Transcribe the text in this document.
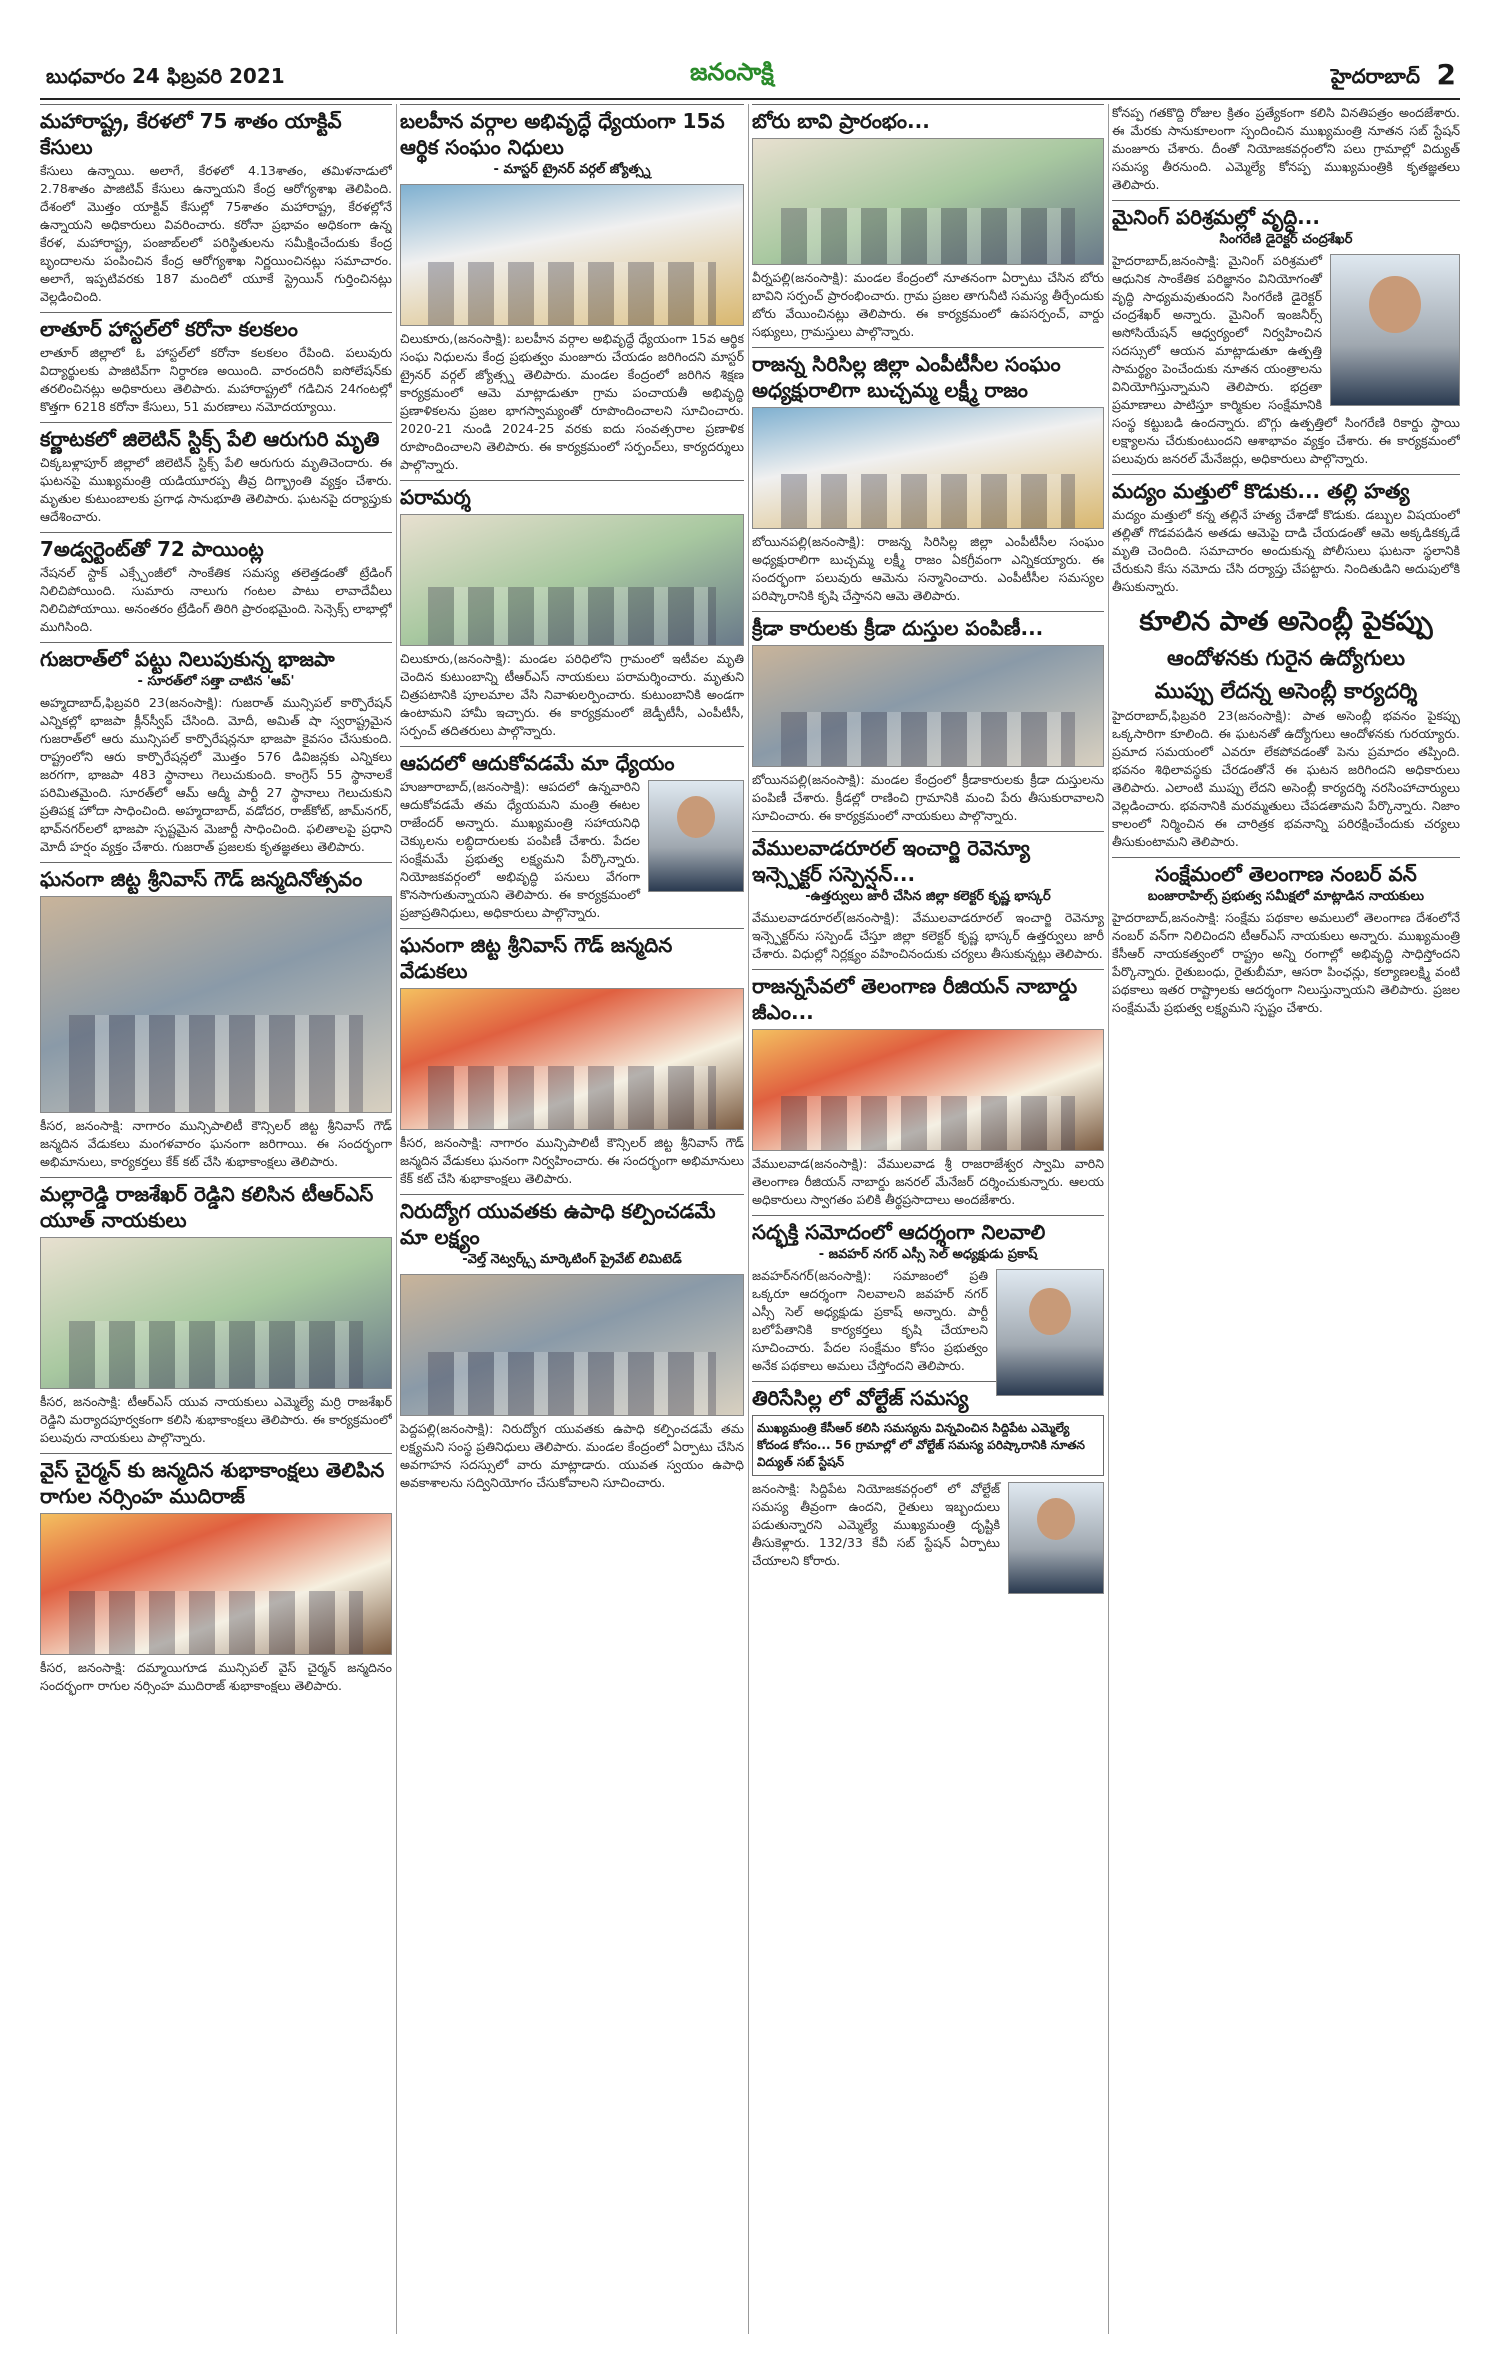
బుధవారం 24 ఫిబ్రవరి 2021	జనంసాక్షి	హైదరాబాద్ 2
మహారాష్ట్ర, కేరళలో 75 శాతం యాక్టివ్‌ కేసులు
కేసులు ఉన్నాయి. అలాగే, కేరళలో 4.13శాతం, తమిళనాడులో 2.78శాతం పాజిటివ్‌ కేసులు ఉన్నాయని కేంద్ర ఆరోగ్యశాఖ తెలిపింది. దేశంలో మొత్తం యాక్టివ్‌ కేసుల్లో 75శాతం మహారాష్ట్ర, కేరళల్లోనే ఉన్నాయని అధికారులు వివరించారు. కరోనా ప్రభావం అధికంగా ఉన్న కేరళ, మహారాష్ట్ర, పంజాబ్‌లలో పరిస్థితులను సమీక్షించేందుకు కేంద్ర బృందాలను పంపించిన కేంద్ర ఆరోగ్యశాఖ నిర్ణయించినట్లు సమాచారం. అలాగే, ఇప్పటివరకు 187 మందిలో యూకే స్ట్రెయిన్‌ గుర్తించినట్లు వెల్లడించింది.
లాతూర్‌ హాస్టల్‌లో కరోనా కలకలం
లాతూర్‌ జిల్లాలో ఓ హాస్టల్‌లో కరోనా కలకలం రేపింది. పలువురు విద్యార్థులకు పాజిటివ్‌గా నిర్ధారణ అయింది. వారందరినీ ఐసోలేషన్‌కు తరలించినట్లు అధికారులు తెలిపారు. మహారాష్ట్రలో గడిచిన 24గంటల్లో కొత్తగా 6218 కరోనా కేసులు, 51 మరణాలు నమోదయ్యాయి.
కర్ణాటకలో జిలెటిన్‌ స్టిక్స్‌ పేలి ఆరుగురి మృతి
చిక్కబళ్లాపూర్‌ జిల్లాలో జిలెటిన్‌ స్టిక్స్‌ పేలి ఆరుగురు మృతిచెందారు. ఈ ఘటనపై ముఖ్యమంత్రి యడియూరప్ప తీవ్ర దిగ్భ్రాంతి వ్యక్తం చేశారు. మృతుల కుటుంబాలకు ప్రగాఢ సానుభూతి తెలిపారు. ఘటనపై దర్యాప్తుకు ఆదేశించారు.
7అడ్వర్టెంట్‌తో 72 పాయింట్ల
నేషనల్‌ స్టాక్‌ ఎక్స్చేంజీలో సాంకేతిక సమస్య తలెత్తడంతో ట్రేడింగ్‌ నిలిచిపోయింది. సుమారు నాలుగు గంటల పాటు లావాదేవీలు నిలిచిపోయాయి. అనంతరం ట్రేడింగ్‌ తిరిగి ప్రారంభమైంది. సెన్సెక్స్‌ లాభాల్లో ముగిసింది.
గుజరాత్‌లో పట్టు నిలుపుకున్న భాజపా
- సూరత్‌లో సత్తా చాటిన 'ఆప్‌'
అహ్మదాబాద్‌,ఫిబ్రవరి 23(జనంసాక్షి): గుజరాత్‌ మున్సిపల్‌ కార్పొరేషన్‌ ఎన్నికల్లో భాజపా క్లీన్‌స్వీప్‌ చేసింది. మోదీ, అమిత్‌ షా స్వరాష్ట్రమైన గుజరాత్‌లో ఆరు మున్సిపల్‌ కార్పొరేషన్లనూ భాజపా కైవసం చేసుకుంది. రాష్ట్రంలోని ఆరు కార్పొరేషన్లలో మొత్తం 576 డివిజన్లకు ఎన్నికలు జరగగా, భాజపా 483 స్థానాలు గెలుచుకుంది. కాంగ్రెస్‌ 55 స్థానాలకే పరిమితమైంది. సూరత్‌లో ఆమ్‌ ఆద్మీ పార్టీ 27 స్థానాలు గెలుచుకుని ప్రతిపక్ష హోదా సాధించింది. అహ్మదాబాద్‌, వడోదర, రాజ్‌కోట్‌, జామ్‌నగర్‌, భావ్‌నగర్‌లలో భాజపా స్పష్టమైన మెజార్టీ సాధించింది. ఫలితాలపై ప్రధాని మోదీ హర్షం వ్యక్తం చేశారు. గుజరాత్‌ ప్రజలకు కృతజ్ఞతలు తెలిపారు.
ఘనంగా జిట్ట శ్రీనివాస్‌ గౌడ్‌ జన్మదినోత్సవం
కీసర, జనంసాక్షి: నాగారం మున్సిపాలిటీ కౌన్సిలర్‌ జిట్ట శ్రీనివాస్‌ గౌడ్‌ జన్మదిన వేడుకలు మంగళవారం ఘనంగా జరిగాయి. ఈ సందర్భంగా అభిమానులు, కార్యకర్తలు కేక్‌ కట్‌ చేసి శుభాకాంక్షలు తెలిపారు.
మల్లారెడ్డి రాజశేఖర్‌ రెడ్డిని కలిసిన టీఆర్‌ఎస్‌ యూత్‌ నాయకులు
కీసర, జనంసాక్షి: టీఆర్‌ఎస్‌ యువ నాయకులు ఎమ్మెల్యే మర్రి రాజశేఖర్‌ రెడ్డిని మర్యాదపూర్వకంగా కలిసి శుభాకాంక్షలు తెలిపారు. ఈ కార్యక్రమంలో పలువురు నాయకులు పాల్గొన్నారు.
వైస్‌ చైర్మన్‌ కు జన్మదిన శుభాకాంక్షలు తెలిపిన రాగుల నర్సింహ ముదిరాజ్‌
కీసర, జనంసాక్షి: దమ్మాయిగూడ మున్సిపల్‌ వైస్‌ చైర్మన్‌ జన్మదినం సందర్భంగా రాగుల నర్సింహ ముదిరాజ్‌ శుభాకాంక్షలు తెలిపారు.
బలహీన వర్గాల అభివృద్ధే ధ్యేయంగా 15వ ఆర్థిక సంఘం నిధులు
- మాస్టర్‌ ట్రైనర్‌ వర్గల్‌ జ్యోత్స్న
చిలుకూరు,(జనంసాక్షి): బలహీన వర్గాల అభివృద్ధే ధ్యేయంగా 15వ ఆర్థిక సంఘ నిధులను కేంద్ర ప్రభుత్వం మంజూరు చేయడం జరిగిందని మాస్టర్‌ ట్రైనర్‌ వర్గల్‌ జ్యోత్స్న తెలిపారు. మండల కేంద్రంలో జరిగిన శిక్షణ కార్యక్రమంలో ఆమె మాట్లాడుతూ గ్రామ పంచాయతీ అభివృద్ధి ప్రణాళికలను ప్రజల భాగస్వామ్యంతో రూపొందించాలని సూచించారు. 2020-21 నుండి 2024-25 వరకు ఐదు సంవత్సరాల ప్రణాళిక రూపొందించాలని తెలిపారు. ఈ కార్యక్రమంలో సర్పంచ్‌లు, కార్యదర్శులు పాల్గొన్నారు.
పరామర్శ
చిలుకూరు,(జనంసాక్షి): మండల పరిధిలోని గ్రామంలో ఇటీవల మృతి చెందిన కుటుంబాన్ని టీఆర్‌ఎస్‌ నాయకులు పరామర్శించారు. మృతుని చిత్రపటానికి పూలమాల వేసి నివాళులర్పించారు. కుటుంబానికి అండగా ఉంటామని హామీ ఇచ్చారు. ఈ కార్యక్రమంలో జెడ్పీటీసీ, ఎంపీటీసీ, సర్పంచ్‌ తదితరులు పాల్గొన్నారు.
ఆపదలో ఆదుకోవడమే మా ధ్యేయం
హుజూరాబాద్‌,(జనంసాక్షి): ఆపదలో ఉన్నవారిని ఆదుకోవడమే తమ ధ్యేయమని మంత్రి ఈటల రాజేందర్‌ అన్నారు. ముఖ్యమంత్రి సహాయనిధి చెక్కులను లబ్ధిదారులకు పంపిణీ చేశారు. పేదల సంక్షేమమే ప్రభుత్వ లక్ష్యమని పేర్కొన్నారు. నియోజకవర్గంలో అభివృద్ధి పనులు వేగంగా కొనసాగుతున్నాయని తెలిపారు. ఈ కార్యక్రమంలో ప్రజాప్రతినిధులు, అధికారులు పాల్గొన్నారు.
ఘనంగా జిట్ట శ్రీనివాస్‌ గౌడ్‌ జన్మదిన వేడుకలు
కీసర, జనంసాక్షి: నాగారం మున్సిపాలిటీ కౌన్సిలర్‌ జిట్ట శ్రీనివాస్‌ గౌడ్‌ జన్మదిన వేడుకలు ఘనంగా నిర్వహించారు. ఈ సందర్భంగా అభిమానులు కేక్‌ కట్‌ చేసి శుభాకాంక్షలు తెలిపారు.
నిరుద్యోగ యువతకు ఉపాధి కల్పించడమే మా లక్ష్యం
-వెల్త్‌ నెట్వర్క్స్‌ మార్కెటింగ్‌ ప్రైవేట్‌ లిమిటెడ్‌
పెద్దపల్లి(జనంసాక్షి): నిరుద్యోగ యువతకు ఉపాధి కల్పించడమే తమ లక్ష్యమని సంస్థ ప్రతినిధులు తెలిపారు. మండల కేంద్రంలో ఏర్పాటు చేసిన అవగాహన సదస్సులో వారు మాట్లాడారు. యువత స్వయం ఉపాధి అవకాశాలను సద్వినియోగం చేసుకోవాలని సూచించారు.
బోరు బావి ప్రారంభం...
వీర్నపల్లి(జనంసాక్షి): మండల కేంద్రంలో నూతనంగా ఏర్పాటు చేసిన బోరు బావిని సర్పంచ్‌ ప్రారంభించారు. గ్రామ ప్రజల తాగునీటి సమస్య తీర్చేందుకు బోరు వేయించినట్లు తెలిపారు. ఈ కార్యక్రమంలో ఉపసర్పంచ్‌, వార్డు సభ్యులు, గ్రామస్తులు పాల్గొన్నారు.
రాజన్న సిరిసిల్ల జిల్లా ఎంపీటీసీల సంఘం అధ్యక్షురాలిగా బుచ్చమ్మ లక్ష్మీ రాజం
బోయినపల్లి(జనంసాక్షి): రాజన్న సిరిసిల్ల జిల్లా ఎంపీటీసీల సంఘం అధ్యక్షురాలిగా బుచ్చమ్మ లక్ష్మీ రాజం ఏకగ్రీవంగా ఎన్నికయ్యారు. ఈ సందర్భంగా పలువురు ఆమెను సన్మానించారు. ఎంపీటీసీల సమస్యల పరిష్కారానికి కృషి చేస్తానని ఆమె తెలిపారు.
క్రీడా కారులకు క్రీడా దుస్తుల పంపిణీ...
బోయినపల్లి(జనంసాక్షి): మండల కేంద్రంలో క్రీడాకారులకు క్రీడా దుస్తులను పంపిణీ చేశారు. క్రీడల్లో రాణించి గ్రామానికి మంచి పేరు తీసుకురావాలని సూచించారు. ఈ కార్యక్రమంలో నాయకులు పాల్గొన్నారు.
వేములవాడరూరల్‌ ఇంచార్జి రెవెన్యూ ఇన్స్పెక్టర్‌ సస్పెన్షన్‌...
-ఉత్తర్వులు జారీ చేసిన జిల్లా కలెక్టర్‌ కృష్ణ భాస్కర్‌
వేములవాడరూరల్‌(జనంసాక్షి): వేములవాడరూరల్‌ ఇంచార్జి రెవెన్యూ ఇన్స్పెక్టర్‌ను సస్పెండ్‌ చేస్తూ జిల్లా కలెక్టర్‌ కృష్ణ భాస్కర్‌ ఉత్తర్వులు జారీ చేశారు. విధుల్లో నిర్లక్ష్యం వహించినందుకు చర్యలు తీసుకున్నట్లు తెలిపారు.
రాజన్నసేవలో తెలంగాణ రీజియన్‌ నాబార్డు జీఎం...
వేములవాడ(జనంసాక్షి): వేములవాడ శ్రీ రాజరాజేశ్వర స్వామి వారిని తెలంగాణ రీజియన్‌ నాబార్డు జనరల్‌ మేనేజర్‌ దర్శించుకున్నారు. ఆలయ అధికారులు స్వాగతం పలికి తీర్థప్రసాదాలు అందజేశారు.
సద్భక్తి సమోదంలో ఆదర్శంగా నిలవాలి
- జవహర్‌ నగర్‌ ఎస్సీ సెల్‌ అధ్యక్షుడు ప్రకాష్‌
జవహర్‌నగర్‌(జనంసాక్షి): సమాజంలో ప్రతి ఒక్కరూ ఆదర్శంగా నిలవాలని జవహర్‌ నగర్‌ ఎస్సీ సెల్‌ అధ్యక్షుడు ప్రకాష్‌ అన్నారు. పార్టీ బలోపేతానికి కార్యకర్తలు కృషి చేయాలని సూచించారు. పేదల సంక్షేమం కోసం ప్రభుత్వం అనేక పథకాలు అమలు చేస్తోందని తెలిపారు.
తిరిసేసిల్ల లో వోల్టేజ్‌ సమస్య
ముఖ్యమంత్రి కేసీఆర్‌ కలిసి సమస్యను విన్నవించిన సిద్దిపేట ఎమ్మెల్యే కోదండ కోసం... 56 గ్రామాల్లో లో వోల్టేజ్‌ సమస్య పరిష్కారానికి నూతన విద్యుత్‌ సబ్‌ స్టేషన్‌
జనంసాక్షి: సిద్దిపేట నియోజకవర్గంలో లో వోల్టేజ్‌ సమస్య తీవ్రంగా ఉందని, రైతులు ఇబ్బందులు పడుతున్నారని ఎమ్మెల్యే ముఖ్యమంత్రి దృష్టికి తీసుకెళ్లారు. 132/33 కేవీ సబ్‌ స్టేషన్‌ ఏర్పాటు చేయాలని కోరారు.
కోనప్ప గతకొద్ది రోజుల క్రితం ప్రత్యేకంగా కలిసి వినతిపత్రం అందజేశారు. ఈ మేరకు సానుకూలంగా స్పందించిన ముఖ్యమంత్రి నూతన సబ్‌ స్టేషన్‌ మంజూరు చేశారు. దీంతో నియోజకవర్గంలోని పలు గ్రామాల్లో విద్యుత్‌ సమస్య తీరనుంది. ఎమ్మెల్యే కోనప్ప ముఖ్యమంత్రికి కృతజ్ఞతలు తెలిపారు.
మైనింగ్‌ పరిశ్రమల్లో వృద్ధి...
సింగరేణి డైరెక్టర్‌ చంద్రశేఖర్‌
హైదరాబాద్‌,జనంసాక్షి: మైనింగ్‌ పరిశ్రమలో ఆధునిక సాంకేతిక పరిజ్ఞానం వినియోగంతో వృద్ధి సాధ్యమవుతుందని సింగరేణి డైరెక్టర్‌ చంద్రశేఖర్‌ అన్నారు. మైనింగ్‌ ఇంజనీర్స్‌ అసోసియేషన్‌ ఆధ్వర్యంలో నిర్వహించిన సదస్సులో ఆయన మాట్లాడుతూ ఉత్పత్తి సామర్థ్యం పెంచేందుకు నూతన యంత్రాలను వినియోగిస్తున్నామని తెలిపారు. భద్రతా ప్రమాణాలు పాటిస్తూ కార్మికుల సంక్షేమానికి సంస్థ కట్టుబడి ఉందన్నారు. బొగ్గు ఉత్పత్తిలో సింగరేణి రికార్డు స్థాయి లక్ష్యాలను చేరుకుంటుందని ఆశాభావం వ్యక్తం చేశారు. ఈ కార్యక్రమంలో పలువురు జనరల్‌ మేనేజర్లు, అధికారులు పాల్గొన్నారు.
మద్యం మత్తులో కొడుకు... తల్లి హత్య
మద్యం మత్తులో కన్న తల్లినే హత్య చేశాడో కొడుకు. డబ్బుల విషయంలో తల్లితో గొడవపడిన అతడు ఆమెపై దాడి చేయడంతో ఆమె అక్కడికక్కడే మృతి చెందింది. సమాచారం అందుకున్న పోలీసులు ఘటనా స్థలానికి చేరుకుని కేసు నమోదు చేసి దర్యాప్తు చేపట్టారు. నిందితుడిని అదుపులోకి తీసుకున్నారు.
కూలిన పాత అసెంబ్లీ పైకప్పు
ఆందోళనకు గురైన ఉద్యోగులు
ముప్పు లేదన్న అసెంబ్లీ కార్యదర్శి
హైదరాబాద్‌,ఫిబ్రవరి 23(జనంసాక్షి): పాత అసెంబ్లీ భవనం పైకప్పు ఒక్కసారిగా కూలింది. ఈ ఘటనతో ఉద్యోగులు ఆందోళనకు గురయ్యారు. ప్రమాద సమయంలో ఎవరూ లేకపోవడంతో పెను ప్రమాదం తప్పింది. భవనం శిథిలావస్థకు చేరడంతోనే ఈ ఘటన జరిగిందని అధికారులు తెలిపారు. ఎలాంటి ముప్పు లేదని అసెంబ్లీ కార్యదర్శి నరసింహాచార్యులు వెల్లడించారు. భవనానికి మరమ్మతులు చేపడతామని పేర్కొన్నారు. నిజాం కాలంలో నిర్మించిన ఈ చారిత్రక భవనాన్ని పరిరక్షించేందుకు చర్యలు తీసుకుంటామని తెలిపారు.
సంక్షేమంలో తెలంగాణ నంబర్‌ వన్‌
బంజారాహిల్స్‌ ప్రభుత్వ సమీక్షలో మాట్లాడిన నాయకులు
హైదరాబాద్‌,జనంసాక్షి: సంక్షేమ పథకాల అమలులో తెలంగాణ దేశంలోనే నంబర్‌ వన్‌గా నిలిచిందని టీఆర్‌ఎస్‌ నాయకులు అన్నారు. ముఖ్యమంత్రి కేసీఆర్‌ నాయకత్వంలో రాష్ట్రం అన్ని రంగాల్లో అభివృద్ధి సాధిస్తోందని పేర్కొన్నారు. రైతుబంధు, రైతుబీమా, ఆసరా పింఛన్లు, కల్యాణలక్ష్మి వంటి పథకాలు ఇతర రాష్ట్రాలకు ఆదర్శంగా నిలుస్తున్నాయని తెలిపారు. ప్రజల సంక్షేమమే ప్రభుత్వ లక్ష్యమని స్పష్టం చేశారు.
